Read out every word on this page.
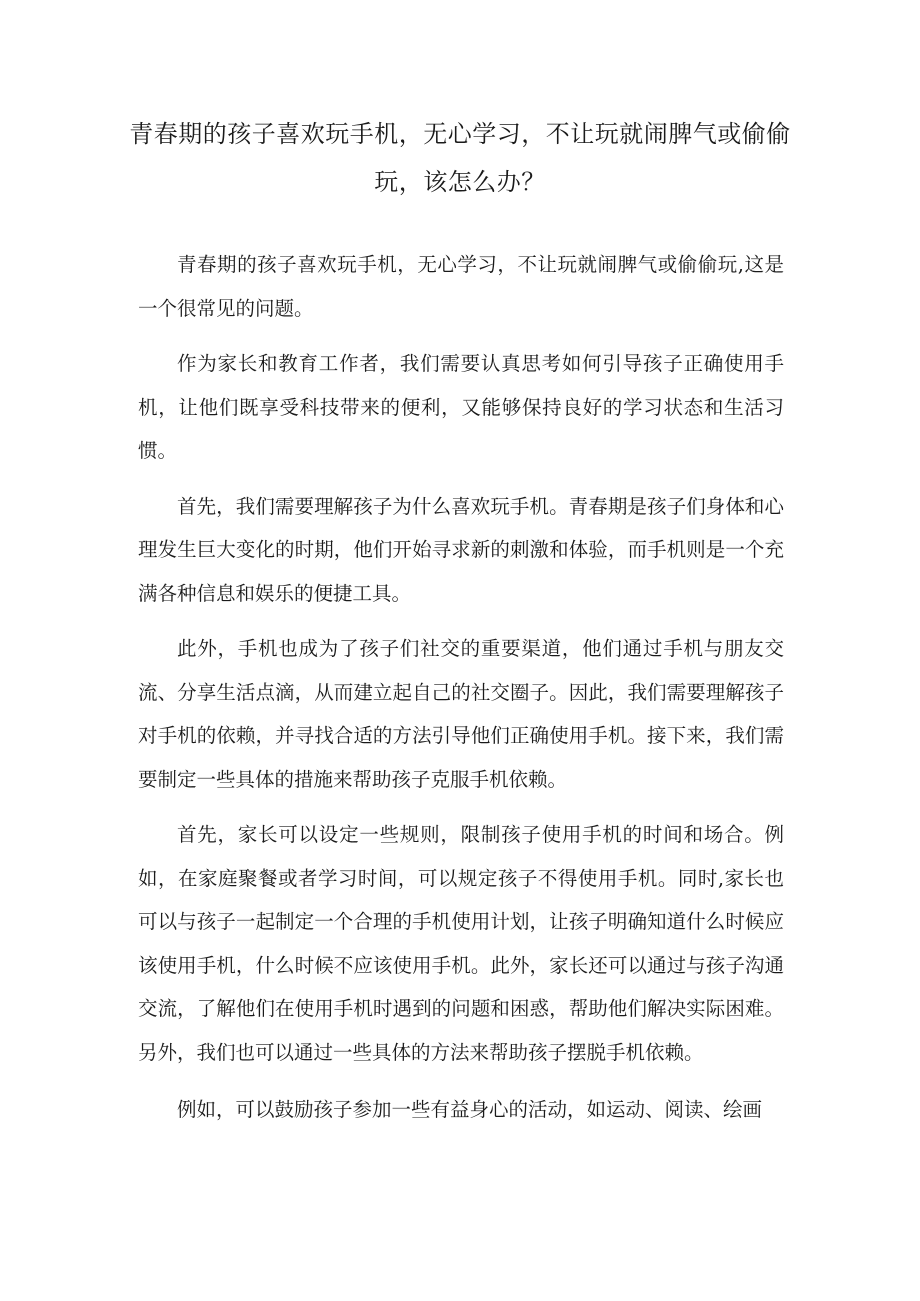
青春期的孩子喜欢玩手机，无心学习，不让玩就闹脾气或偷偷玩，该怎么办？

青春期的孩子喜欢玩手机，无心学习，不让玩就闹脾气或偷偷玩,这是一个很常见的问题。

作为家长和教育工作者，我们需要认真思考如何引导孩子正确使用手机，让他们既享受科技带来的便利，又能够保持良好的学习状态和生活习惯。

首先，我们需要理解孩子为什么喜欢玩手机。青春期是孩子们身体和心理发生巨大变化的时期，他们开始寻求新的刺激和体验，而手机则是一个充满各种信息和娱乐的便捷工具。

此外，手机也成为了孩子们社交的重要渠道，他们通过手机与朋友交流、分享生活点滴，从而建立起自己的社交圈子。因此，我们需要理解孩子对手机的依赖，并寻找合适的方法引导他们正确使用手机。接下来，我们需要制定一些具体的措施来帮助孩子克服手机依赖。

首先，家长可以设定一些规则，限制孩子使用手机的时间和场合。例如，在家庭聚餐或者学习时间，可以规定孩子不得使用手机。同时,家长也可以与孩子一起制定一个合理的手机使用计划，让孩子明确知道什么时候应该使用手机，什么时候不应该使用手机。此外，家长还可以通过与孩子沟通交流，了解他们在使用手机时遇到的问题和困惑，帮助他们解决实际困难。另外，我们也可以通过一些具体的方法来帮助孩子摆脱手机依赖。

例如，可以鼓励孩子参加一些有益身心的活动，如运动、阅读、绘画
